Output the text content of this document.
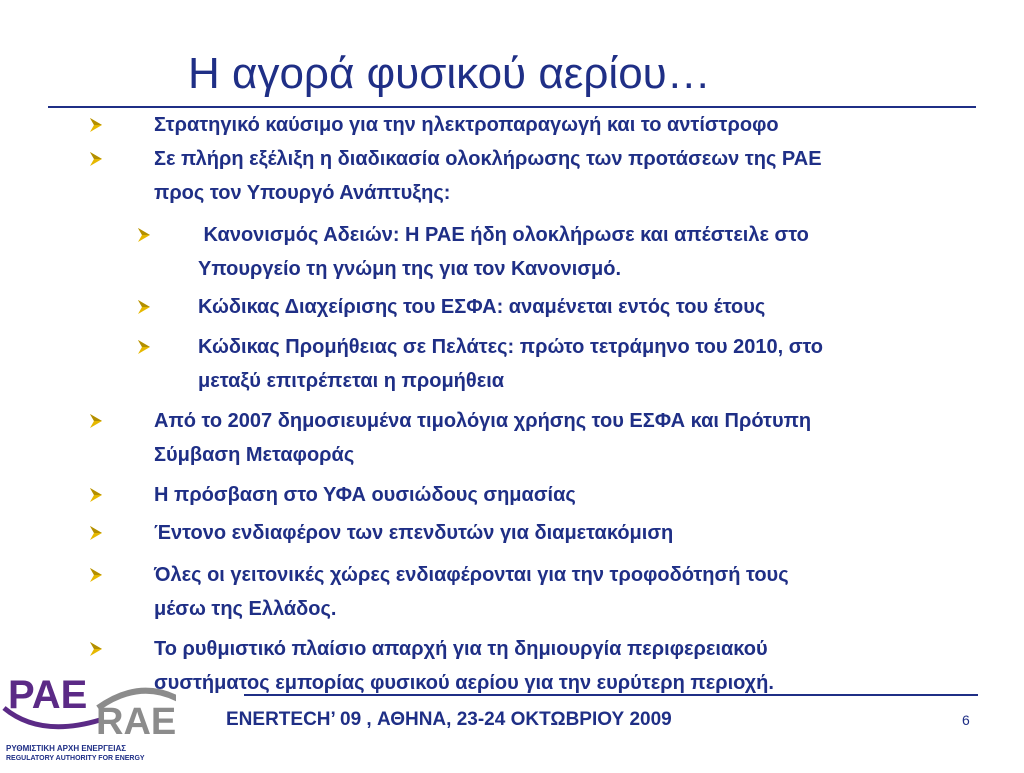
Η αγορά φυσικού αερίου…

Στρατηγικό καύσιμο για την ηλεκτροπαραγωγή και το αντίστροφο

Σε πλήρη εξέλιξη η διαδικασία ολοκλήρωσης των προτάσεων της ΡΑΕ

προς τον Υπουργό Ανάπτυξης:

Κανονισμός Αδειών: Η ΡΑΕ ήδη ολοκλήρωσε και απέστειλε στο

Υπουργείο τη γνώμη της για τον Κανονισμό.

Κώδικας Διαχείρισης του ΕΣΦΑ: αναμένεται εντός του έτους

Κώδικας Προμήθειας σε Πελάτες: πρώτο τετράμηνο του 2010, στο

μεταξύ επιτρέπεται η προμήθεια

Από το 2007 δημοσιευμένα τιμολόγια χρήσης του ΕΣΦΑ και Πρότυπη

Σύμβαση Μεταφοράς

Η πρόσβαση στο ΥΦΑ ουσιώδους σημασίας

Έντονο ενδιαφέρον των επενδυτών για διαμετακόμιση

Όλες οι γειτονικές χώρες ενδιαφέρονται για την τροφοδότησή τους

μέσω της Ελλάδος.

Το ρυθμιστικό πλαίσιο απαρχή για τη δημιουργία περιφερειακού

συστήματος εμπορίας φυσικού αερίου για την ευρύτερη περιοχή.

ENERTECH’ 09 , ΑΘΗΝΑ, 23-24 ΟΚΤΩΒΡΙΟΥ 2009	6
ΡΑΕ
RAE
ΡΥΘΜΙΣΤΙΚΗ ΑΡΧΗ ΕΝΕΡΓΕΙΑΣ
REGULATORY AUTHORITY FOR ENERGY
